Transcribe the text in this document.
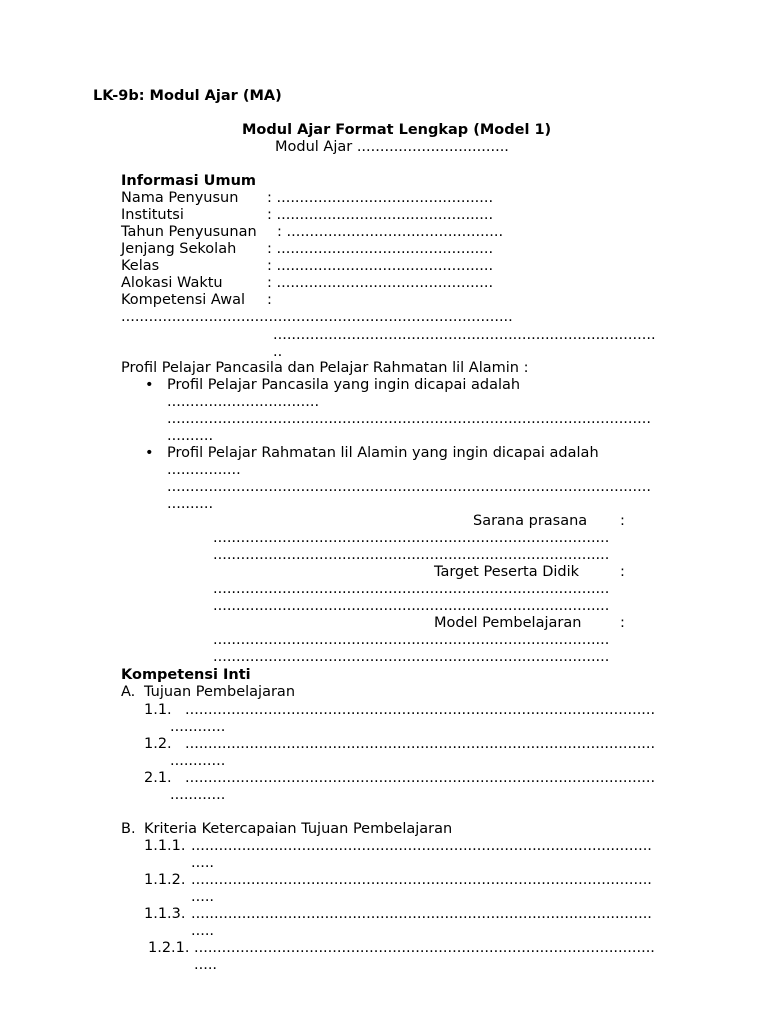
LK-9b: Modul Ajar (MA)
Modul Ajar Format Lengkap (Model 1)
Modul Ajar .................................
Informasi Umum
Nama Penyusun : ...............................................
Institutsi	: ...............................................
Tahun Penyusunan : ...............................................
Jenjang Sekolah : ...............................................
Kelas	: ...............................................
Alokasi Waktu	: ...............................................
Kompetensi Awal :
.....................................................................................
...................................................................................
..
Profil Pelajar Pancasila dan Pelajar Rahmatan lil Alamin :
• Profil Pelajar Pancasila yang ingin dicapai adalah
.................................
.........................................................................................................
..........
• Profil Pelajar Rahmatan lil Alamin yang ingin dicapai adalah
................
.........................................................................................................
..........
Sarana prasana :
......................................................................................
......................................................................................
Target Peserta Didik	:
......................................................................................
......................................................................................
Model Pembelajaran	:
......................................................................................
......................................................................................
Kompetensi Inti
A. Tujuan Pembelajaran
1.1. ......................................................................................................
............
1.2. ......................................................................................................
............
2.1. ......................................................................................................
............
B. Kriteria Ketercapaian Tujuan Pembelajaran
1.1.1. ....................................................................................................
.....
1.1.2. ....................................................................................................
.....
1.1.3. ....................................................................................................
.....
1.2.1. ....................................................................................................
.....
